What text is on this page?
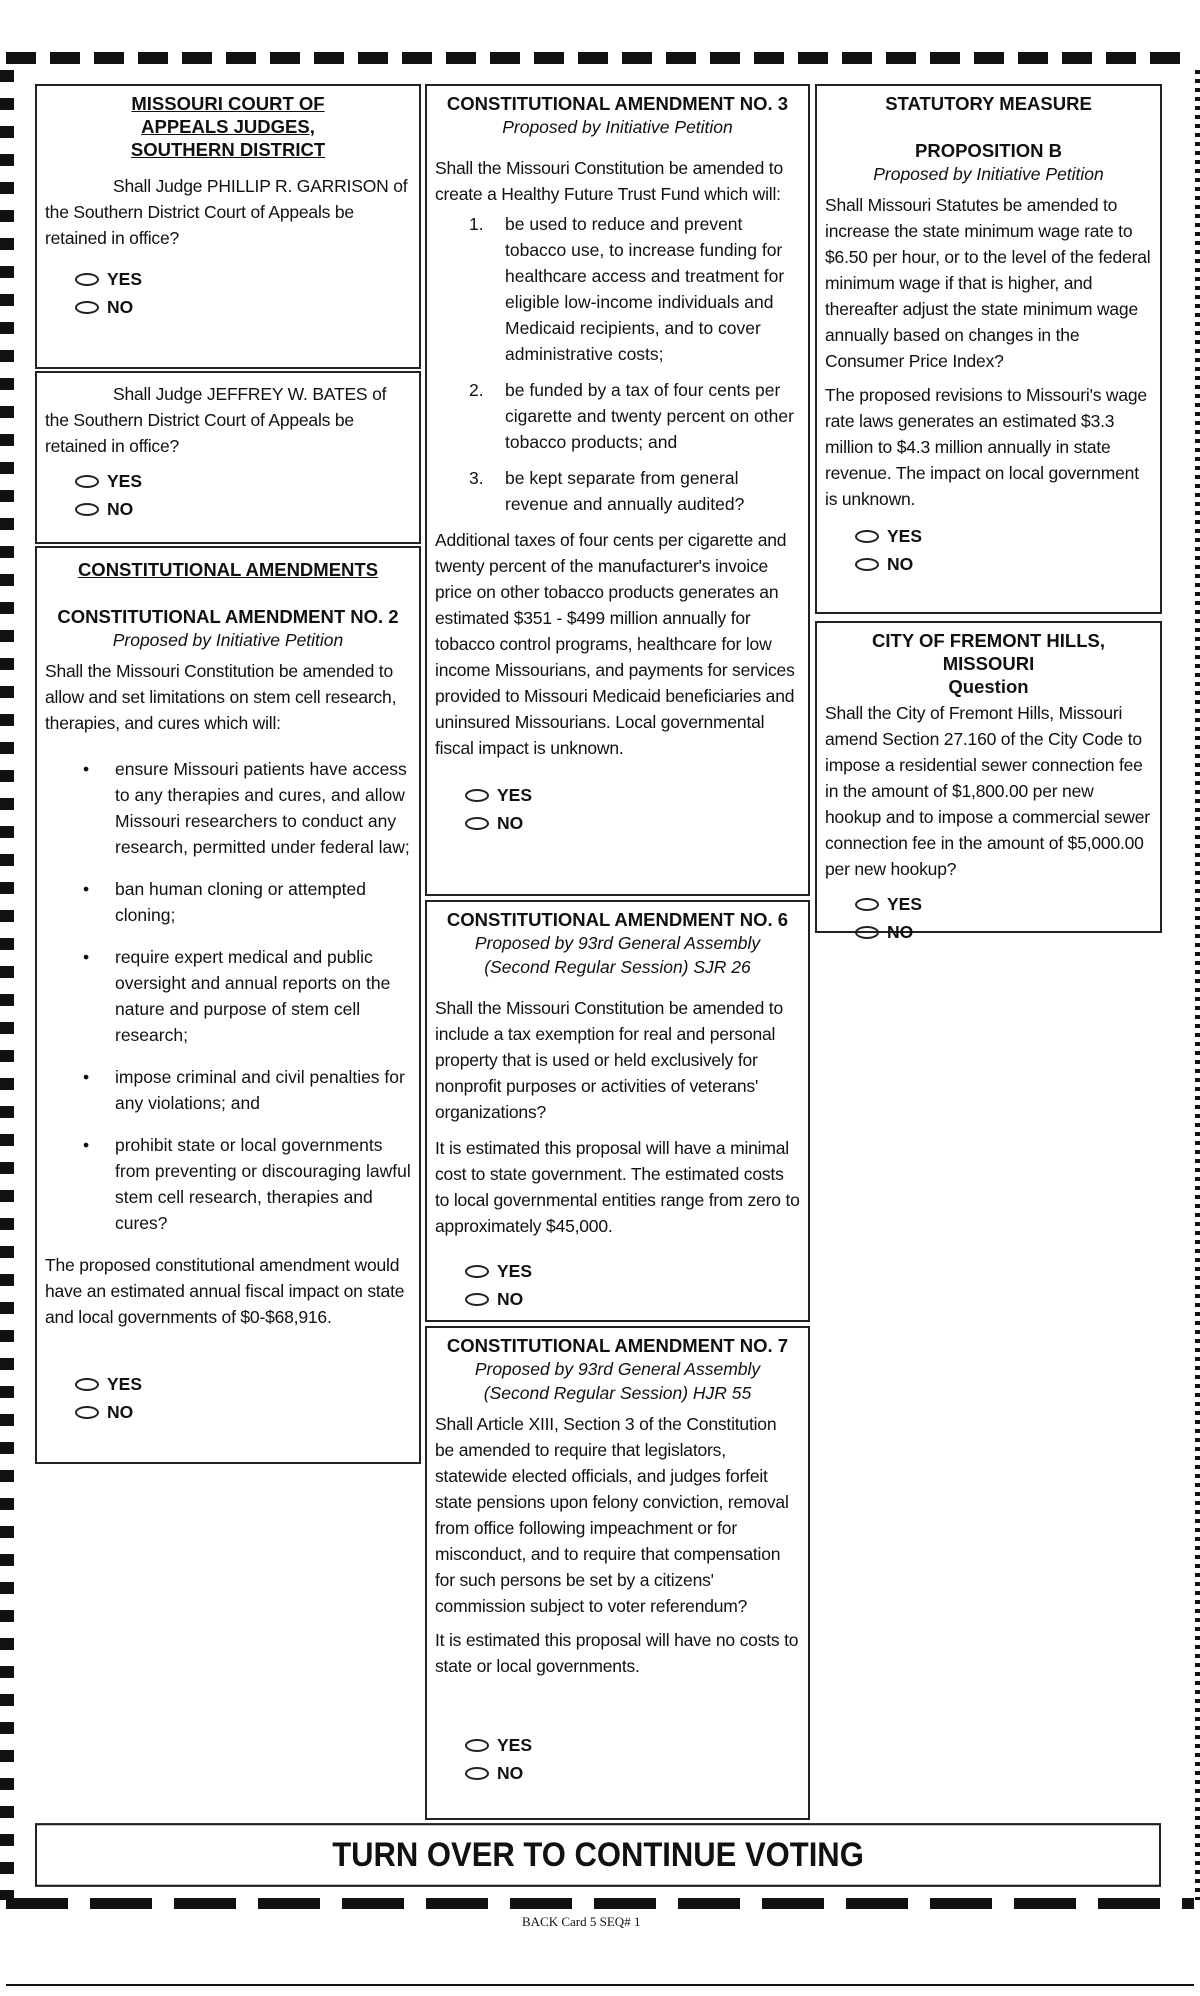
MISSOURI COURT OF
APPEALS JUDGES,
SOUTHERN DISTRICT

Shall Judge PHILLIP R. GARRISON of the Southern District Court of Appeals be retained in office?

YES
NO

Shall Judge JEFFREY W. BATES of the Southern District Court of Appeals be retained in office?

YES
NO
CONSTITUTIONAL AMENDMENTS
CONSTITUTIONAL AMENDMENT NO. 2
Proposed by Initiative Petition

Shall the Missouri Constitution be amended to allow and set limitations on stem cell research, therapies, and cures which will:

• ensure Missouri patients have access to any therapies and cures, and allow Missouri researchers to conduct any research, permitted under federal law;
• ban human cloning or attempted cloning;
• require expert medical and public oversight and annual reports on the nature and purpose of stem cell research;
• impose criminal and civil penalties for any violations; and
• prohibit state or local governments from preventing or discouraging lawful stem cell research, therapies and cures?

The proposed constitutional amendment would have an estimated annual fiscal impact on state and local governments of $0-$68,916.

YES
NO
CONSTITUTIONAL AMENDMENT NO. 3
Proposed by Initiative Petition

Shall the Missouri Constitution be amended to create a Healthy Future Trust Fund which will:

1. be used to reduce and prevent tobacco use, to increase funding for healthcare access and treatment for eligible low-income individuals and Medicaid recipients, and to cover administrative costs;
2. be funded by a tax of four cents per cigarette and twenty percent on other tobacco products; and
3. be kept separate from general revenue and annually audited?

Additional taxes of four cents per cigarette and twenty percent of the manufacturer's invoice price on other tobacco products generates an estimated $351 - $499 million annually for tobacco control programs, healthcare for low income Missourians, and payments for services provided to Missouri Medicaid beneficiaries and uninsured Missourians. Local governmental fiscal impact is unknown.

YES
NO
CONSTITUTIONAL AMENDMENT NO. 6
Proposed by 93rd General Assembly
(Second Regular Session) SJR 26

Shall the Missouri Constitution be amended to include a tax exemption for real and personal property that is used or held exclusively for nonprofit purposes or activities of veterans' organizations?

It is estimated this proposal will have a minimal cost to state government. The estimated costs to local governmental entities range from zero to approximately $45,000.

YES
NO
CONSTITUTIONAL AMENDMENT NO. 7
Proposed by 93rd General Assembly
(Second Regular Session) HJR 55

Shall Article XIII, Section 3 of the Constitution be amended to require that legislators, statewide elected officials, and judges forfeit state pensions upon felony conviction, removal from office following impeachment or for misconduct, and to require that compensation for such persons be set by a citizens' commission subject to voter referendum?

It is estimated this proposal will have no costs to state or local governments.

YES
NO
STATUTORY MEASURE
PROPOSITION B
Proposed by Initiative Petition

Shall Missouri Statutes be amended to increase the state minimum wage rate to $6.50 per hour, or to the level of the federal minimum wage if that is higher, and thereafter adjust the state minimum wage annually based on changes in the Consumer Price Index?

The proposed revisions to Missouri's wage rate laws generates an estimated $3.3 million to $4.3 million annually in state revenue. The impact on local government is unknown.

YES
NO
CITY OF FREMONT HILLS, MISSOURI
Question

Shall the City of Fremont Hills, Missouri amend Section 27.160 of the City Code to impose a residential sewer connection fee in the amount of $1,800.00 per new hookup and to impose a commercial sewer connection fee in the amount of $5,000.00 per new hookup?

YES
NO
TURN OVER TO CONTINUE VOTING
BACK Card 5 SEQ# 1
